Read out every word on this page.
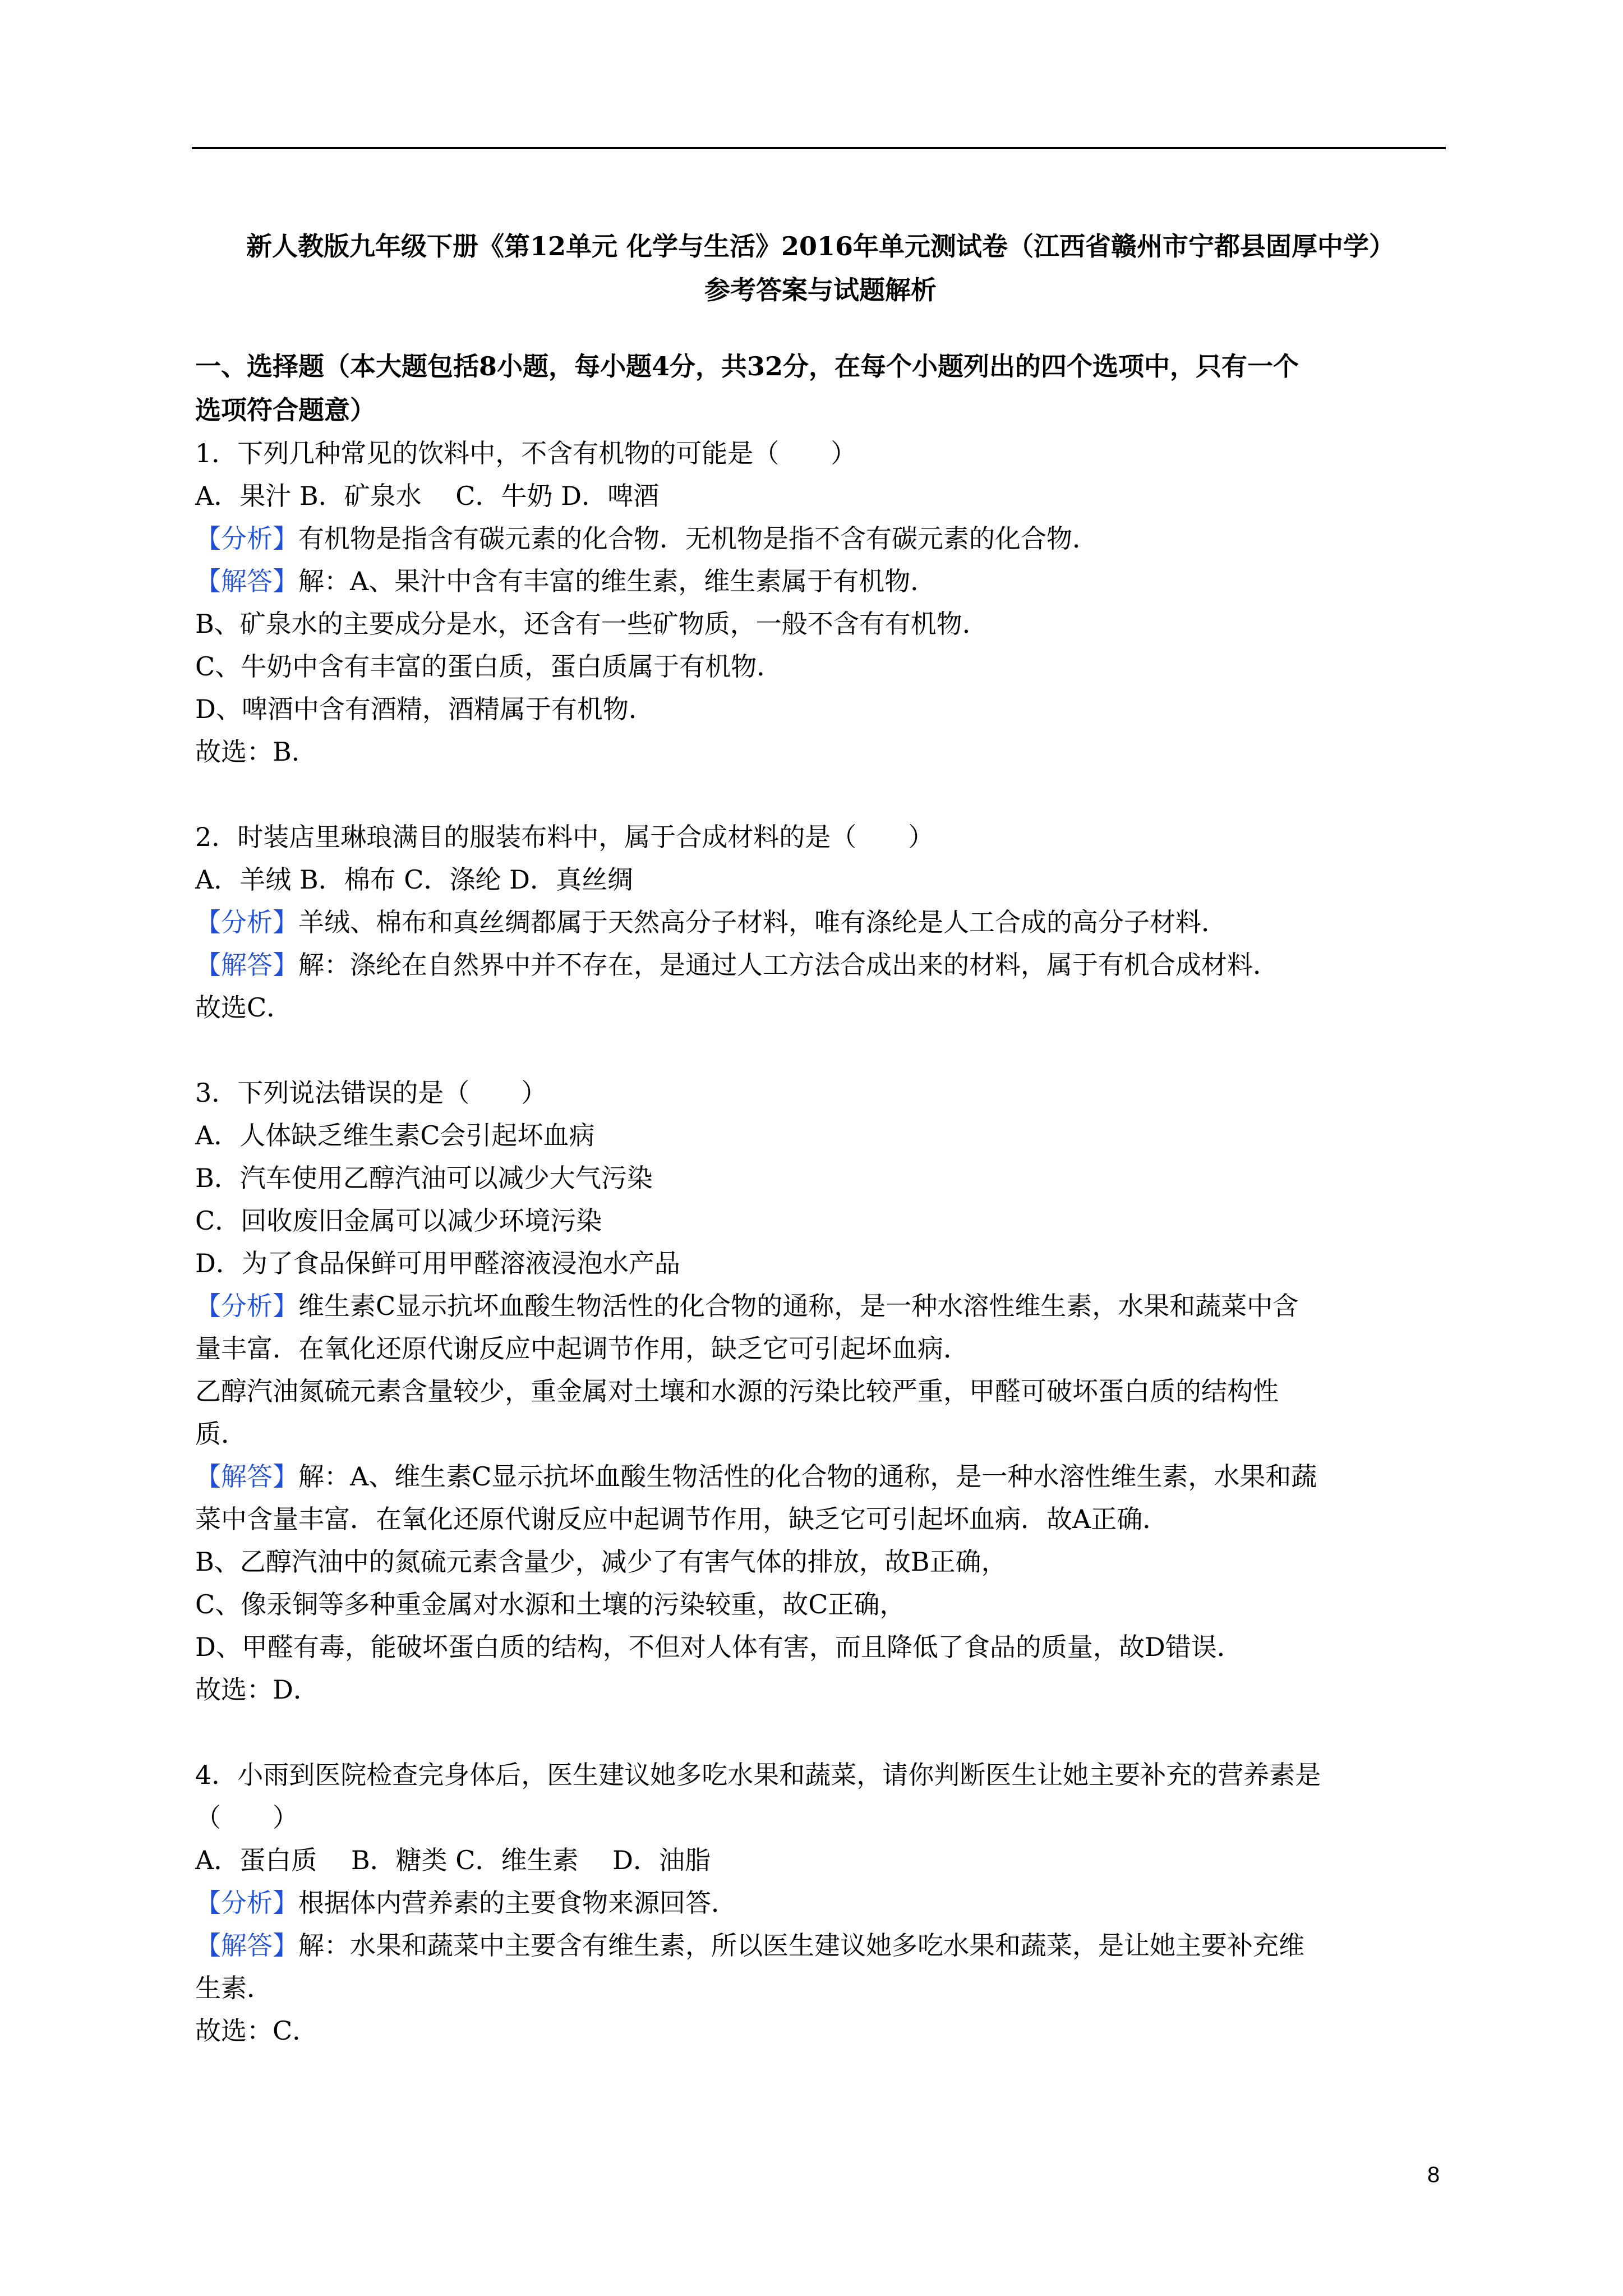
新人教版九年级下册《第12单元 化学与生活》2016年单元测试卷（江西省赣州市宁都县固厚中学）
参考答案与试题解析
一、选择题（本大题包括8小题，每小题4分，共32分，在每个小题列出的四个选项中，只有一个
选项符合题意）

1．下列几种常见的饮料中，不含有机物的可能是（　　）

A．果汁 B．矿泉水　 C．牛奶 D．啤酒

【分析】有机物是指含有碳元素的化合物．无机物是指不含有碳元素的化合物．

【解答】解：A、果汁中含有丰富的维生素，维生素属于有机物．

B、矿泉水的主要成分是水，还含有一些矿物质，一般不含有有机物．

C、牛奶中含有丰富的蛋白质，蛋白质属于有机物．

D、啤酒中含有酒精，酒精属于有机物．

故选：B．

2．时装店里琳琅满目的服装布料中，属于合成材料的是（　　）

A．羊绒 B．棉布 C．涤纶 D．真丝绸

【分析】羊绒、棉布和真丝绸都属于天然高分子材料，唯有涤纶是人工合成的高分子材料．

【解答】解：涤纶在自然界中并不存在，是通过人工方法合成出来的材料，属于有机合成材料．

故选C．

3．下列说法错误的是（　　）

A．人体缺乏维生素C会引起坏血病

B．汽车使用乙醇汽油可以减少大气污染

C．回收废旧金属可以减少环境污染

D．为了食品保鲜可用甲醛溶液浸泡水产品

【分析】维生素C显示抗坏血酸生物活性的化合物的通称，是一种水溶性维生素，水果和蔬菜中含

量丰富．在氧化还原代谢反应中起调节作用，缺乏它可引起坏血病．

乙醇汽油氮硫元素含量较少，重金属对土壤和水源的污染比较严重，甲醛可破坏蛋白质的结构性

质．

【解答】解：A、维生素C显示抗坏血酸生物活性的化合物的通称，是一种水溶性维生素，水果和蔬

菜中含量丰富．在氧化还原代谢反应中起调节作用，缺乏它可引起坏血病．故A正确．

B、乙醇汽油中的氮硫元素含量少，减少了有害气体的排放，故B正确，

C、像汞铜等多种重金属对水源和土壤的污染较重，故C正确，

D、甲醛有毒，能破坏蛋白质的结构，不但对人体有害，而且降低了食品的质量，故D错误．

故选：D．

4．小雨到医院检查完身体后，医生建议她多吃水果和蔬菜，请你判断医生让她主要补充的营养素是

（　　）

A．蛋白质　 B．糖类 C．维生素　 D．油脂

【分析】根据体内营养素的主要食物来源回答．

【解答】解：水果和蔬菜中主要含有维生素，所以医生建议她多吃水果和蔬菜，是让她主要补充维

生素．

故选：C．

8
